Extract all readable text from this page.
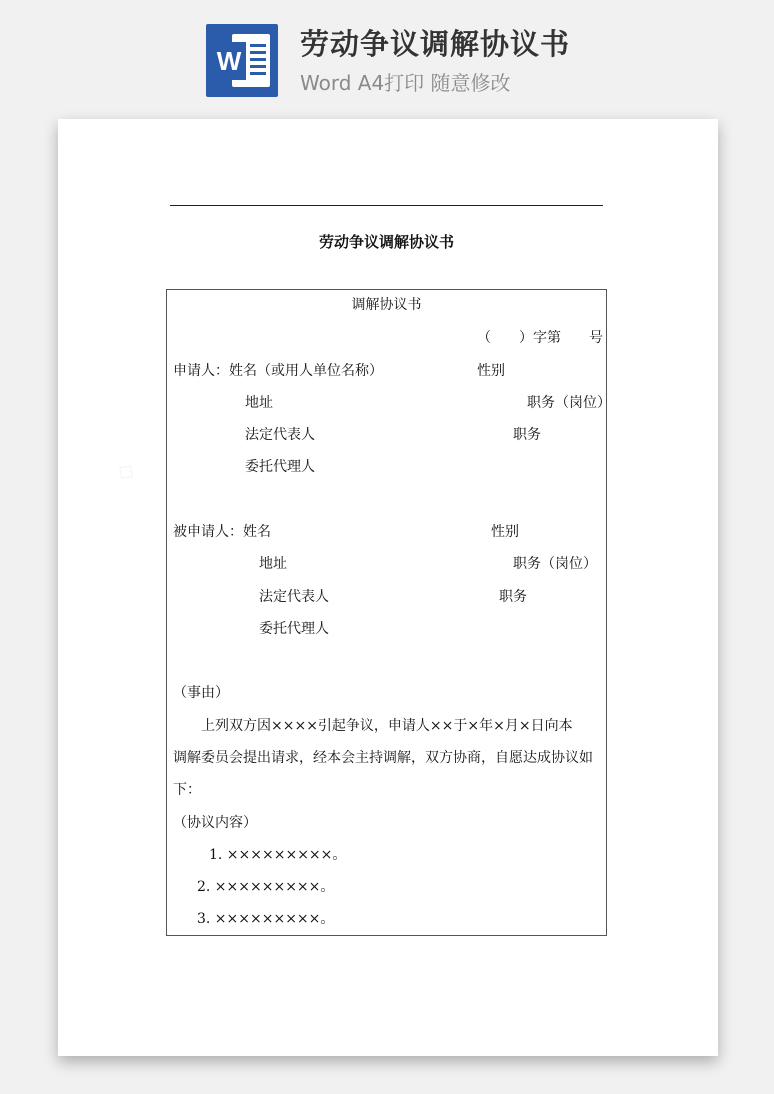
W 劳动争议调解协议书
Word A4打印 随意修改
劳动争议调解协议书
调解协议书
（　　）字第　　号
申请人：姓名（或用人单位名称）	性别
地址	职务（岗位）
法定代表人	职务
委托代理人
被申请人：姓名	性别
地址	职务（岗位）
法定代表人	职务
委托代理人
（事由）
上列双方因××××引起争议，申请人××于×年×月×日向本
调解委员会提出请求，经本会主持调解，双方协商，自愿达成协议如
下：
（协议内容）
1. ×××××××××。
2. ×××××××××。
3. ×××××××××。
